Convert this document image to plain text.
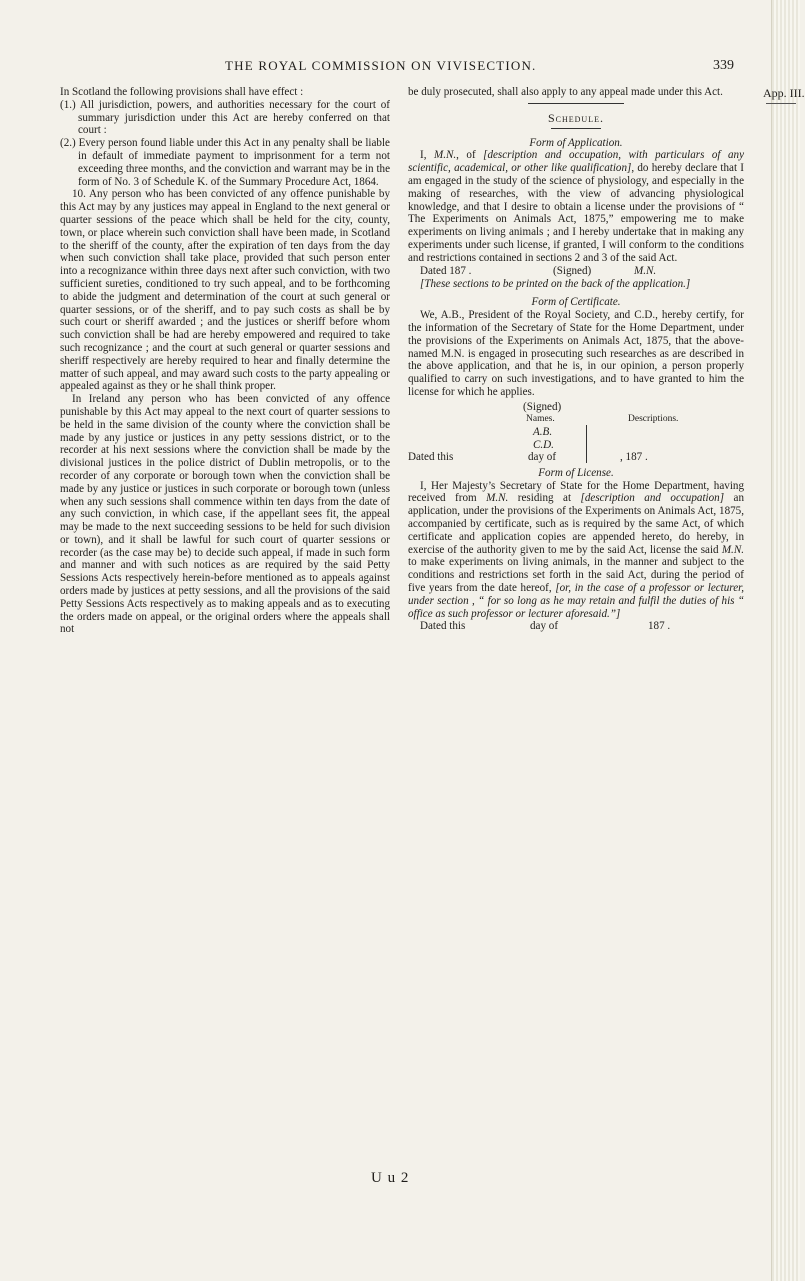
THE ROYAL COMMISSION ON VIVISECTION.	339
App. III.

In Scotland the following provisions shall have effect :

(1.) All jurisdiction, powers, and authorities necessary for the court of summary jurisdiction under this Act are hereby conferred on that court :

(2.) Every person found liable under this Act in any penalty shall be liable in default of immediate payment to imprisonment for a term not exceeding three months, and the conviction and warrant may be in the form of No. 3 of Schedule K. of the Summary Procedure Act, 1864.

10. Any person who has been convicted of any offence punishable by this Act may by any justices may appeal in England to the next general or quarter sessions of the peace which shall be held for the city, county, town, or place wherein such conviction shall have been made, in Scotland to the sheriff of the county, after the expiration of ten days from the day when such conviction shall take place, provided that such person enter into a recognizance within three days next after such conviction, with two sufficient sureties, conditioned to try such appeal, and to be forthcoming to abide the judgment and determination of the court at such general or quarter sessions, or of the sheriff, and to pay such costs as shall be by such court or sheriff awarded ; and the justices or sheriff before whom such conviction shall be had are hereby empowered and required to take such recognizance ; and the court at such general or quarter sessions and sheriff respectively are hereby required to hear and finally determine the matter of such appeal, and may award such costs to the party appealing or appealed against as they or he shall think proper.

In Ireland any person who has been convicted of any offence punishable by this Act may appeal to the next court of quarter sessions to be held in the same division of the county where the conviction shall be made by any justice or justices in any petty sessions district, or to the recorder at his next sessions where the conviction shall be made by the divisional justices in the police district of Dublin metropolis, or to the recorder of any corporate or borough town when the conviction shall be made by any justice or justices in such corporate or borough town (unless when any such sessions shall commence within ten days from the date of any such conviction, in which case, if the appellant sees fit, the appeal may be made to the next succeeding sessions to be held for such division or town), and it shall be lawful for such court of quarter sessions or recorder (as the case may be) to decide such appeal, if made in such form and manner and with such notices as are required by the said Petty Sessions Acts respectively herein-before mentioned as to appeals against orders made by justices at petty sessions, and all the provisions of the said Petty Sessions Acts respectively as to making appeals and as to executing the orders made on appeal, or the original orders where the appeals shall not

be duly prosecuted, shall also apply to any appeal made under this Act.

Schedule.

Form of Application.

I, M.N., of [description and occupation, with particulars of any scientific, academical, or other like qualification], do hereby declare that I am engaged in the study of the science of physiology, and especially in the making of researches, with the view of advancing physiological knowledge, and that I desire to obtain a license under the provisions of “ The Experiments on Animals Act, 1875,” empowering me to make experiments on living animals ; and I hereby undertake that in making any experiments under such license, if granted, I will conform to the conditions and restrictions contained in sections 2 and 3 of the said Act.

Dated 187 .	(Signed)	M.N.

[These sections to be printed on the back of the application.]

Form of Certificate.

We, A.B., President of the Royal Society, and C.D., hereby certify, for the information of the Secretary of State for the Home Department, under the provisions of the Experiments on Animals Act, 1875, that the above-named M.N. is engaged in prosecuting such researches as are described in the above application, and that he is, in our opinion, a person properly qualified to carry on such investigations, and to have granted to him the license for which he applies.

(Signed)
Names.	Descriptions.
A.B.
C.D.
Dated this	day of	, 187 .

Form of License.

I, Her Majesty’s Secretary of State for the Home Department, having received from M.N. residing at [description and occupation] an application, under the provisions of the Experiments on Animals Act, 1875, accompanied by certificate, such as is required by the same Act, of which certificate and application copies are appended hereto, do hereby, in exercise of the authority given to me by the said Act, license the said M.N. to make experiments on living animals, in the manner and subject to the conditions and restrictions set forth in the said Act, during the period of five years from the date hereof, [or, in the case of a professor or lecturer, under section , “ for so long as he may retain and fulfil the duties of his “ office as such professor or lecturer aforesaid.”]

Dated this	day of	187 .
U u 2
